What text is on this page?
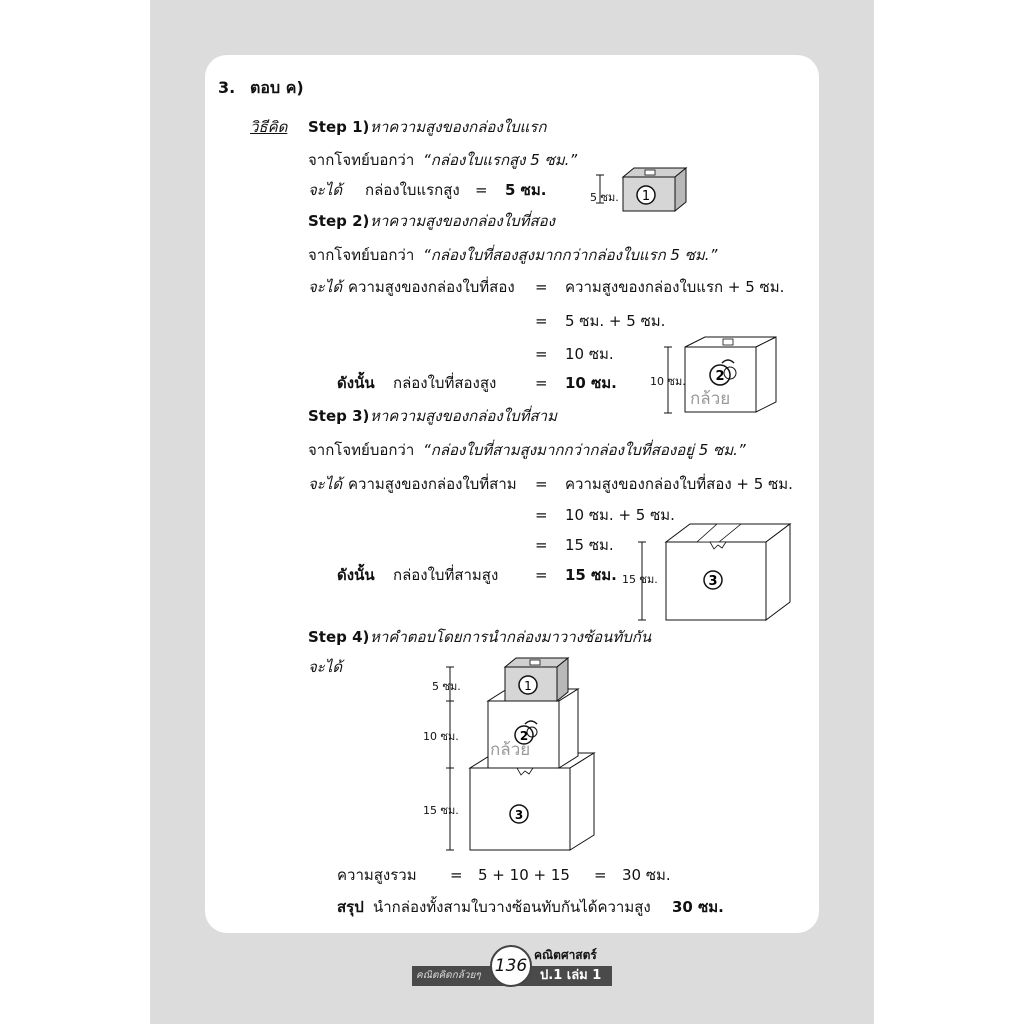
3. ตอบ ค)
วิธีคิด Step 1) หาความสูงของกล่องใบแรก
จากโจทย์บอกว่า “กล่องใบแรกสูง 5 ซม.”
จะได้ กล่องใบแรกสูง = 5 ซม.	1
5 ซม.
Step 2) หาความสูงของกล่องใบที่สอง
จากโจทย์บอกว่า “กล่องใบที่สองสูงมากกว่ากล่องใบแรก 5 ซม.”
จะได้ ความสูงของกล่องใบที่สอง = ความสูงของกล่องใบแรก + 5 ซม.
= 5 ซม. + 5 ซม.
= 10 ซม.
ดังนั้น กล่องใบที่สองสูง	= 10 ซม.	2
10 ซม.
กล้วย
Step 3) หาความสูงของกล่องใบที่สาม
จากโจทย์บอกว่า “กล่องใบที่สามสูงมากกว่ากล่องใบที่สองอยู่ 5 ซม.”
จะได้ ความสูงของกล่องใบที่สาม = ความสูงของกล่องใบที่สอง + 5 ซม.
= 10 ซม. + 5 ซม.
= 15 ซม.
ดังนั้น กล่องใบที่สามสูง = 15 ซม.	3
15 ซม.
Step 4) หาคำตอบโดยการนำกล่องมาวางซ้อนทับกัน
จะได้
3
2
1
5 ซม.
10 ซม.
15 ซม.
กล้วย
ความสูงรวม = 5 + 10 + 15 = 30 ซม.
สรุป นำกล่องทั้งสามใบวางซ้อนทับกันได้ความสูง 30 ซม.
คณิตคิดกล้วยๆ 136
คณิตศาสตร์
ป.1 เล่ม 1
